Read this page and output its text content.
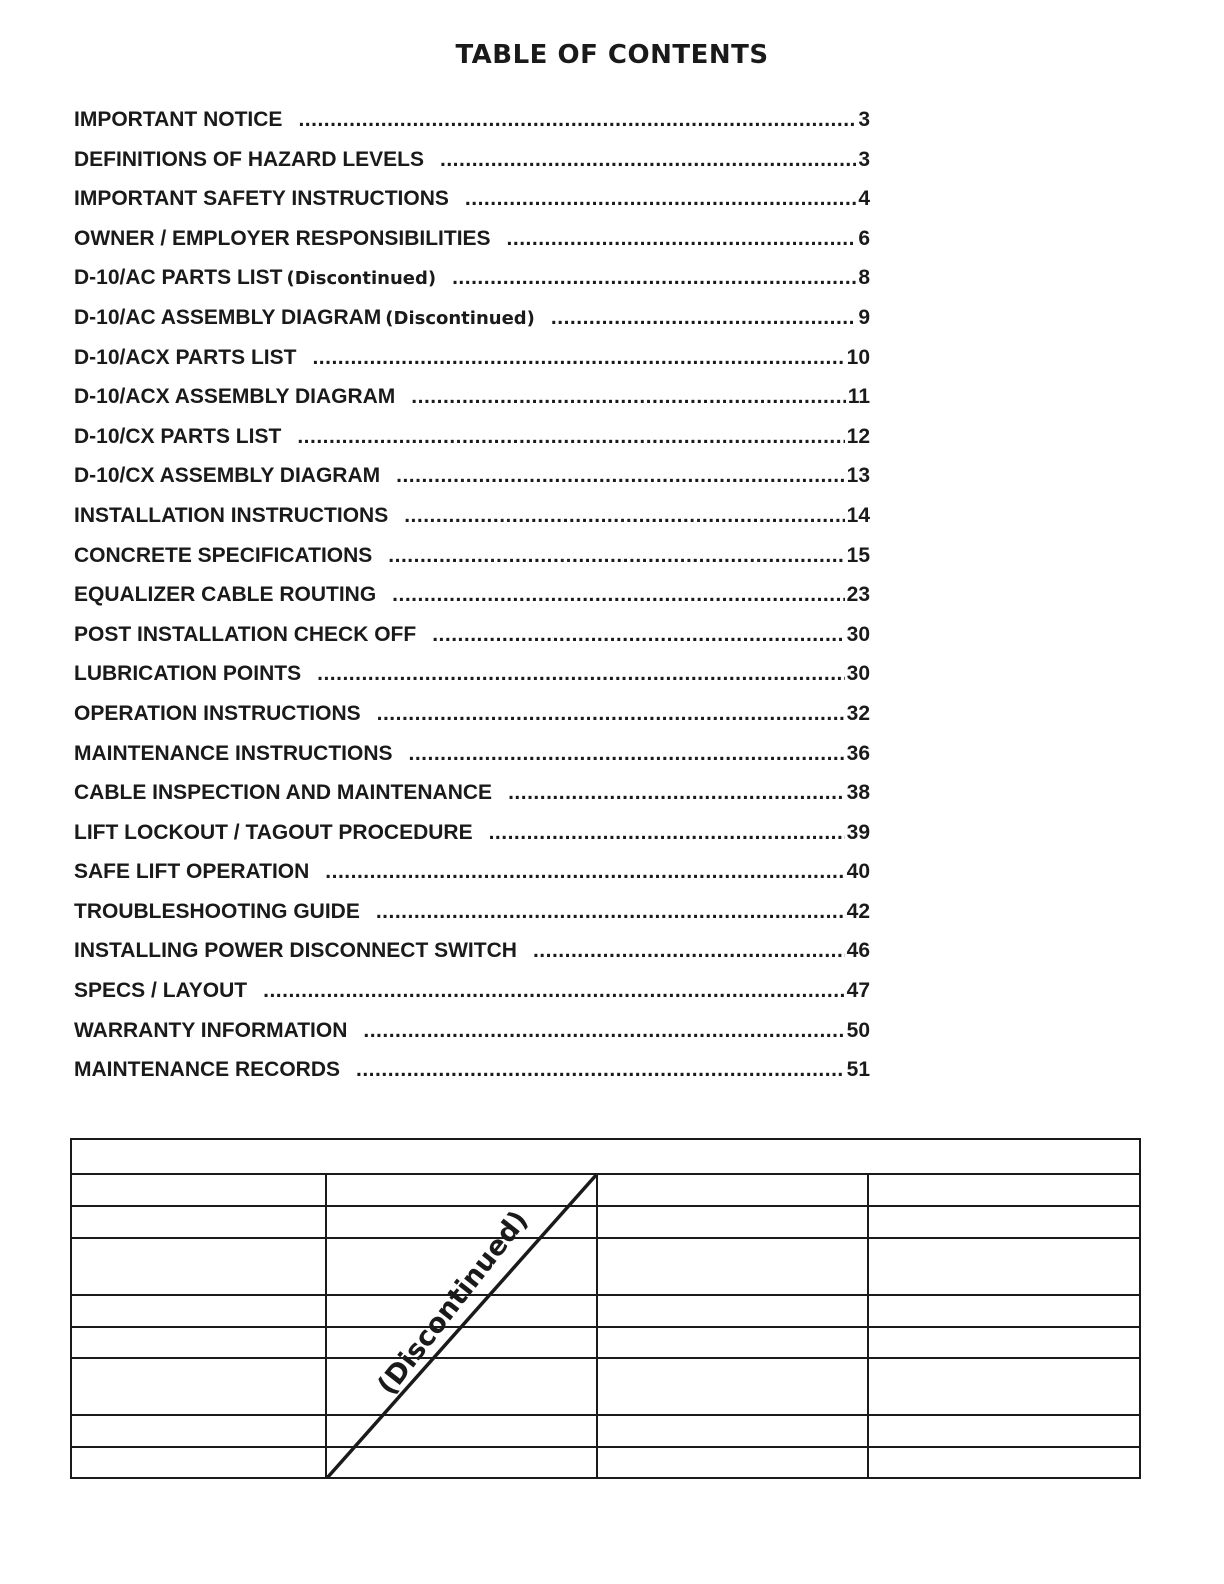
TABLE OF CONTENTS
IMPORTANT NOTICE .....	3
DEFINITIONS OF HAZARD LEVELS .....	3
IMPORTANT SAFETY INSTRUCTIONS .....	4
OWNER / EMPLOYER RESPONSIBILITIES .....	6
D-10/AC PARTS LIST (Discontinued) .....	8
D-10/AC ASSEMBLY DIAGRAM (Discontinued) .....	9
D-10/ACX PARTS LIST .....	10
D-10/ACX ASSEMBLY DIAGRAM .....	11
D-10/CX PARTS LIST .....	12
D-10/CX ASSEMBLY DIAGRAM .....	13
INSTALLATION INSTRUCTIONS .....	14
CONCRETE SPECIFICATIONS .....	15
EQUALIZER CABLE ROUTING .....	23
POST INSTALLATION CHECK OFF .....	30
LUBRICATION POINTS .....	30
OPERATION INSTRUCTIONS .....	32
MAINTENANCE INSTRUCTIONS .....	36
CABLE INSPECTION AND MAINTENANCE .....	38
LIFT LOCKOUT / TAGOUT PROCEDURE .....	39
SAFE LIFT OPERATION .....	40
TROUBLESHOOTING GUIDE .....	42
INSTALLING POWER DISCONNECT SWITCH .....	46
SPECS / LAYOUT .....	47
WARRANTY INFORMATION .....	50
MAINTENANCE RECORDS .....	51
(Discontinued)
